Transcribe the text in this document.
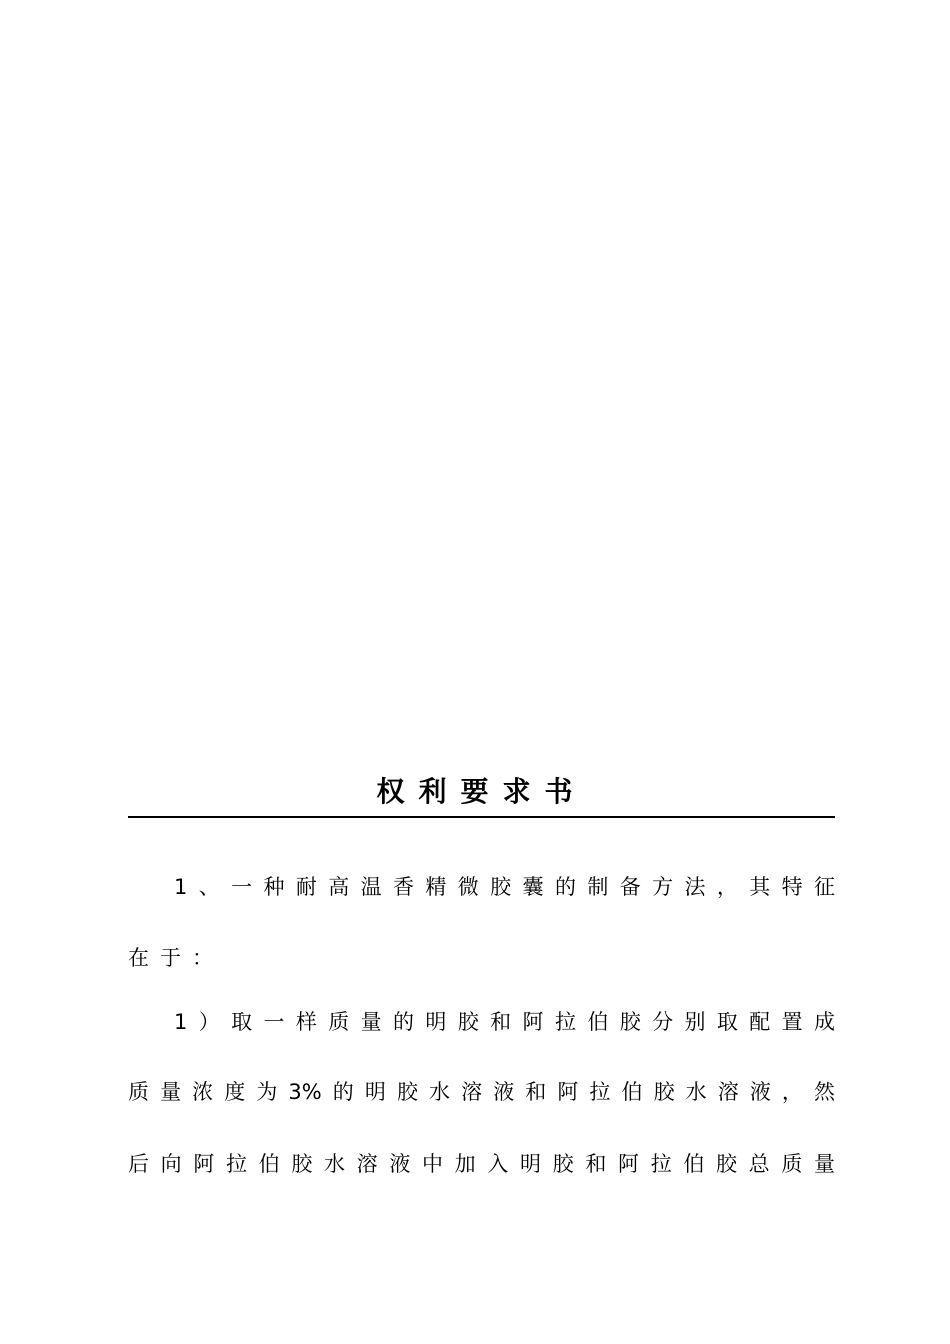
权利要求书
1、一种耐高温香精微胶囊的制备方法，其特征
在于：
1）取一样质量的明胶和阿拉伯胶分别取配置成
质量浓度为3%的明胶水溶液和阿拉伯胶水溶液，然
后向阿拉伯胶水溶液中加入明胶和阿拉伯胶总质量
